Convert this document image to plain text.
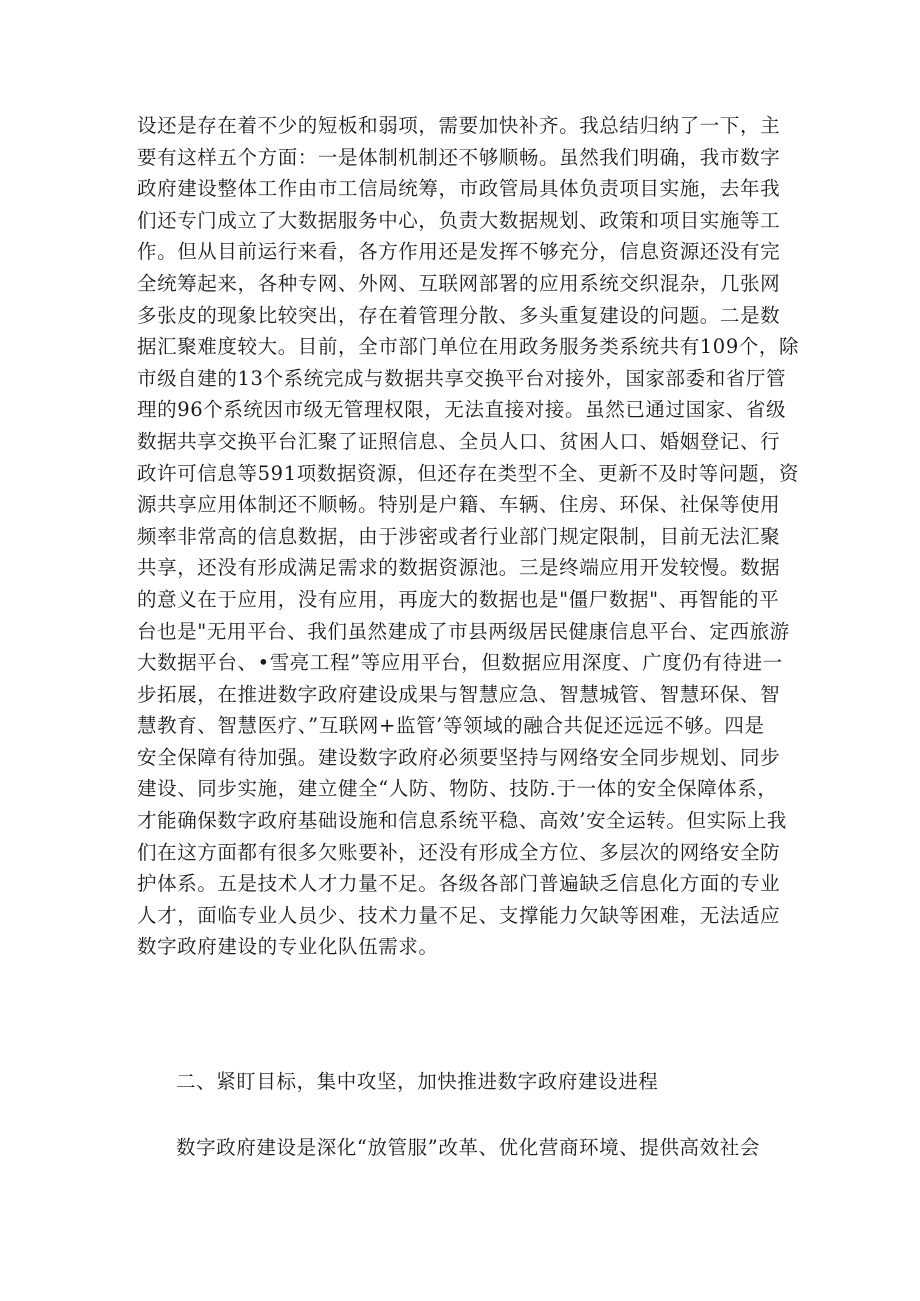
设还是存在着不少的短板和弱项，需要加快补齐。我总结归纳了一下，主
要有这样五个方面：一是体制机制还不够顺畅。虽然我们明确，我市数字
政府建设整体工作由市工信局统筹，市政管局具体负责项目实施，去年我
们还专门成立了大数据服务中心，负责大数据规划、政策和项目实施等工
作。但从目前运行来看，各方作用还是发挥不够充分，信息资源还没有完
全统筹起来，各种专网、外网、互联网部署的应用系统交织混杂，几张网
多张皮的现象比较突出，存在着管理分散、多头重复建设的问题。二是数
据汇聚难度较大。目前，全市部门单位在用政务服务类系统共有109个，除
市级自建的13个系统完成与数据共享交换平台对接外，国家部委和省厅管
理的96个系统因市级无管理权限，无法直接对接。虽然已通过国家、省级
数据共享交换平台汇聚了证照信息、全员人口、贫困人口、婚姻登记、行
政许可信息等591项数据资源，但还存在类型不全、更新不及时等问题，资
源共享应用体制还不顺畅。特别是户籍、车辆、住房、环保、社保等使用
频率非常高的信息数据，由于涉密或者行业部门规定限制，目前无法汇聚
共享，还没有形成满足需求的数据资源池。三是终端应用开发较慢。数据
的意义在于应用，没有应用，再庞大的数据也是"僵尸数据"、再智能的平
台也是"无用平台、我们虽然建成了市县两级居民健康信息平台、定西旅游
大数据平台、•雪亮工程”等应用平台，但数据应用深度、广度仍有待进一
步拓展，在推进数字政府建设成果与智慧应急、智慧城管、智慧环保、智
慧教育、智慧医疗、”互联网+监管’等领域的融合共促还远远不够。四是
安全保障有待加强。建设数字政府必须要坚持与网络安全同步规划、同步
建设、同步实施，建立健全“人防、物防、技防.于一体的安全保障体系，
才能确保数字政府基础设施和信息系统平稳、高效’安全运转。但实际上我
们在这方面都有很多欠账要补，还没有形成全方位、多层次的网络安全防
护体系。五是技术人才力量不足。各级各部门普遍缺乏信息化方面的专业
人才，面临专业人员少、技术力量不足、支撑能力欠缺等困难，无法适应
数字政府建设的专业化队伍需求。

二、紧盯目标，集中攻坚，加快推进数字政府建设进程

数字政府建设是深化“放管服”改革、优化营商环境、提供高效社会
